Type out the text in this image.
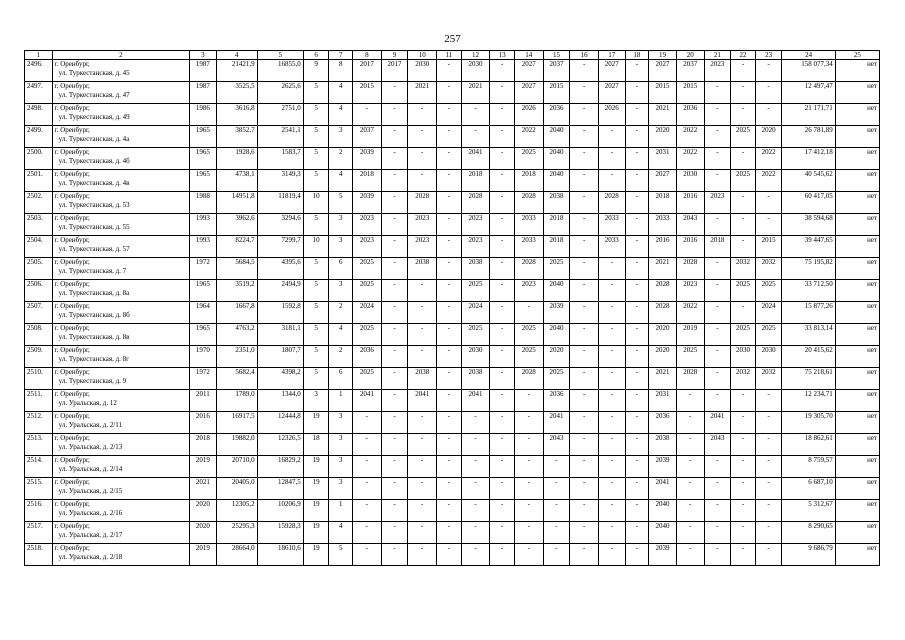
257
1	2	3	4	5	6	7	8	9	10	11	12	13	14	15	16	17	18	19	20	21	22	23	24	25
2496.	г. Оренбург,
ул. Туркестанская, д. 45	1987	21421,9	16855,0	9	8	2017	2017	2030	-	2030	-	2027	2037	-	2027	-	2027	2037	2023	-	-	158 077,34	нет
2497.	г. Оренбург,
ул. Туркестанская, д. 47	1987	3525,5	2625,6	5	4	2015	-	2021	-	2021	-	2027	2015	-	2027	-	2015	2015	-	-	-	12 497,47	нет
2498.	г. Оренбург,
ул. Туркестанская, д. 49	1986	3616,8	2751,0	5	4	-	-	-	-	-	-	2026	2036	-	2026	-	2021	2036	-	-	-	21 171,71	нет
2499.	г. Оренбург,
ул. Туркестанская, д. 4а	1965	3852,7	2541,1	5	3	2037	-	-	-	-	-	2022	2040	-	-	-	2020	2022	-	2025	2020	26 781,89	нет
2500.	г. Оренбург,
ул. Туркестанская, д. 4б	1965	1928,6	1583,7	5	2	2039	-	-	-	2041	-	2025	2040	-	-	-	2031	2022	-	-	2022	17 412,18	нет
2501.	г. Оренбург,
ул. Туркестанская, д. 4в	1965	4738,1	3149,3	5	4	2018	-	-	-	2018	-	2018	2040	-	-	-	2027	2030	-	2025	2022	40 545,62	нет
2502.	г. Оренбург,
ул. Туркестанская, д. 53	1988	14951,8	11819,4	10	5	2039	-	2028	-	2028	-	2028	2038	-	2028	-	2018	2016	2023	-	-	60 417,05	нет
2503.	г. Оренбург,
ул. Туркестанская, д. 55	1993	3962,6	3294,6	5	3	2023	-	2023	-	2023	-	2033	2018	-	2033	-	2033	2043	-	-	-	38 594,68	нет
2504.	г. Оренбург,
ул. Туркестанская, д. 57	1993	8224,7	7299,7	10	3	2023	-	2023	-	2023	-	2033	2018	-	2033	-	2016	2016	2018	-	2015	39 447,65	нет
2505.	г. Оренбург,
ул. Туркестанская, д. 7	1972	5684,5	4395,6	5	6	2025	-	2038	-	2038	-	2028	2025	-	-	-	2021	2028	-	2032	2032	75 195,82	нет
2506.	г. Оренбург,
ул. Туркестанская, д. 8а	1965	3519,2	2494,9	5	3	2025	-	-	-	2025	-	2023	2040	-	-	-	2028	2023	-	2025	2025	33 712,50	нет
2507.	г. Оренбург,
ул. Туркестанская, д. 8б	1964	1667,8	1592,8	5	2	2024	-	-	-	2024	-	-	2039	-	-	-	2028	2022	-	-	2024	15 877,26	нет
2508.	г. Оренбург,
ул. Туркестанская, д. 8в	1965	4763,2	3181,1	5	4	2025	-	-	-	2025	-	2025	2040	-	-	-	2020	2019	-	2025	2025	33 813,14	нет
2509.	г. Оренбург,
ул. Туркестанская, д. 8г	1970	2351,0	1807,7	5	2	2036	-	-	-	2030	-	2025	2020	-	-	-	2020	2025	-	2030	2030	20 415,62	нет
2510.	г. Оренбург,
ул. Туркестанская, д. 9	1972	5682,4	4398,2	5	6	2025	-	2038	-	2038	-	2028	2025	-	-	-	2021	2028	-	2032	2032	75 218,61	нет
2511.	г. Оренбург,
ул. Уральская, д. 12	2011	1789,0	1344,0	3	1	2041	-	2041	-	2041	-	-	2036	-	-	-	2031	-	-	-	-	12 234,71	нет
2512.	г. Оренбург,
ул. Уральская, д. 2/11	2016	16917,5	12444,8	19	3	-	-	-	-	-	-	-	2041	-	-	-	2036	-	2041	-	-	19 305,70	нет
2513.	г. Оренбург,
ул. Уральская, д. 2/13	2018	19882,0	12326,5	18	3	-	-	-	-	-	-	-	2043	-	-	-	2038	-	2043	-	-	18 862,61	нет
2514.	г. Оренбург,
ул. Уральская, д. 2/14	2019	20710,0	16829,2	19	3	-	-	-	-	-	-	-	-	-	-	-	2039	-	-	-	-	8 759,57	нет
2515.	г. Оренбург,
ул. Уральская, д. 2/15	2021	20405,0	12847,5	19	3	-	-	-	-	-	-	-	-	-	-	-	2041	-	-	-	-	6 687,10	нет
2516.	г. Оренбург,
ул. Уральская, д. 2/16	2020	12305,2	10206,9	19	1	-	-	-	-	-	-	-	-	-	-	-	2040	-	-	-	-	5 312,67	нет
2517.	г. Оренбург,
ул. Уральская, д. 2/17	2020	25295,3	15928,3	19	4	-	-	-	-	-	-	-	-	-	-	-	2040	-	-	-	-	8 290,65	нет
2518.	г. Оренбург,
ул. Уральская, д. 2/18	2019	28664,0	18610,6	19	5	-	-	-	-	-	-	-	-	-	-	-	2039	-	-	-	-	9 686,79	нет
